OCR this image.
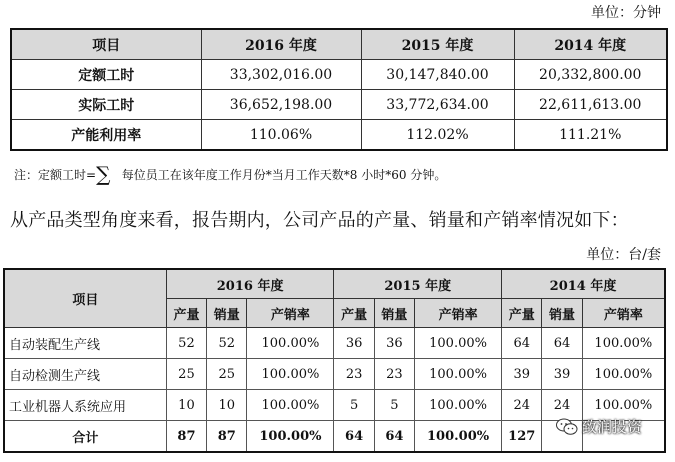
单位：分钟
项目	2016 年度	2015 年度	2014 年度
定额工时	33,302,016.00	30,147,840.00	20,332,800.00
实际工时	36,652,198.00	33,772,634.00	22,611,613.00
产能利用率	110.06%	112.02%	111.21%
注：定额工时=∑ 每位员工在该年度工作月份*当月工作天数*8 小时*60 分钟。
从产品类型角度来看，报告期内，公司产品的产量、销量和产销率情况如下：
单位：台/套
项目	2016 年度			2015 年度			2014 年度		
	产量	销量	产销率	产量	销量	产销率	产量	销量	产销率
自动装配生产线	52	52	100.00%	36	36	100.00%	64	64	100.00%
自动检测生产线	25	25	100.00%	23	23	100.00%	39	39	100.00%
工业机器人系统应用	10	10	100.00%	5	5	100.00%	24	24	100.00%
合计	87	87	100.00%	64	64	100.00%	127			致润投资
